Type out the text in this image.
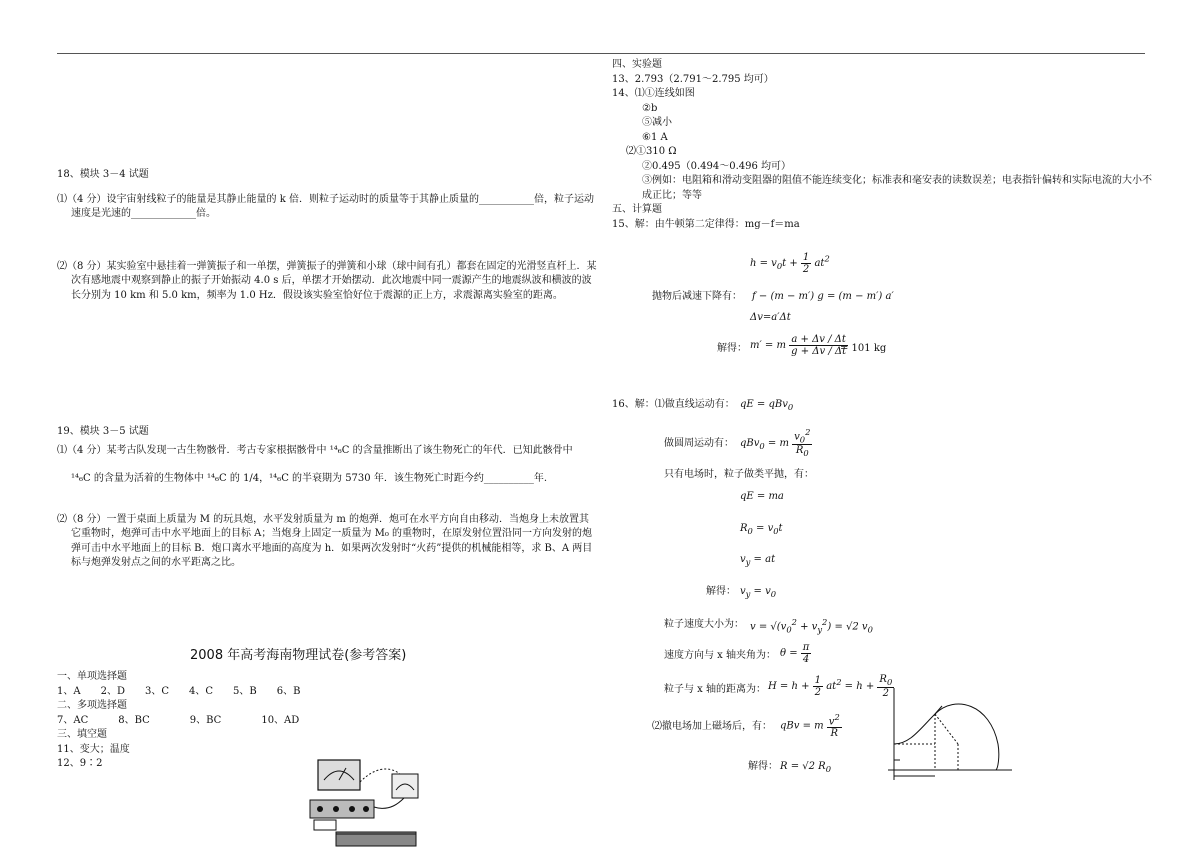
18、模块 3－4 试题

⑴（4 分）设宇宙射线粒子的能量是其静止能量的 k 倍．则粒子运动时的质量等于其静止质量的___________倍，粒子运动速度是光速的_____________倍。

⑵（8 分）某实验室中悬挂着一弹簧振子和一单摆，弹簧振子的弹簧和小球（球中间有孔）都套在固定的光滑竖直杆上．某次有感地震中观察到静止的振子开始振动 4.0 s 后，单摆才开始摆动．此次地震中同一震源产生的地震纵波和横波的波长分别为 10 km 和 5.0 km，频率为 1.0 Hz．假设该实验室恰好位于震源的正上方，求震源离实验室的距离。

19、模块 3－5 试题

⑴（4 分）某考古队发现一古生物骸骨．考古专家根据骸骨中 ¹⁴₆C 的含量推断出了该生物死亡的年代．已知此骸骨中

¹⁴₆C 的含量为活着的生物体中 ¹⁴₆C 的 1/4，¹⁴₆C 的半衰期为 5730 年．该生物死亡时距今约__________年.

⑵（8 分）一置于桌面上质量为 M 的玩具炮，水平发射质量为 m 的炮弹．炮可在水平方向自由移动．当炮身上未放置其它重物时，炮弹可击中水平地面上的目标 A；当炮身上固定一质量为 M₀ 的重物时，在原发射位置沿同一方向发射的炮弹可击中水平地面上的目标 B．炮口离水平地面的高度为 h．如果两次发射时“火药”提供的机械能相等，求 B、A 两目标与炮弹发射点之间的水平距离之比。

2008 年高考海南物理试卷(参考答案)

一、单项选择题

1、A　　2、D　　3、C　　4、C　　5、B　　6、B

二、多项选择题

7、AC　　　8、BC　　　　9、BC　　　　10、AD

三、填空题

11、变大；温度

12、9∶2

四、实验题

13、2.793（2.791～2.795 均可）

14、⑴①连线如图

②b

⑤减小

⑥1 A

⑵①310 Ω

②0.495（0.494～0.496 均可）

③例如：电阻箱和滑动变阻器的阻值不能连续变化；标准表和毫安表的读数误差；电表指针偏转和实际电流的大小不成正比；等等

五、计算题

15、解：由牛顿第二定律得：mg－f＝ma

$h = v_0t + \frac{1}{2} at^2$
抛物后减速下降有： f − (m − m′) g = (m − m′) a′
Δv=a′Δt
解得： m′ = m $\frac{a + \Delta v / \Delta t}{g + \Delta v / \Delta t}$
= 101 kg
16、解：⑴做直线运动有： qE = qBv$_0$
做圆周运动有： qBv$_0$ = m $\frac{v_0^2}{R_0}$
只有电场时，粒子做类平抛，有：
qE = ma
$R_0 = v_0t$
$v_y$ = at
解得： $v_y = v_0$
粒子速度大小为： $v = √(v_0^2 + v_y^2) = √2$ $v_0$
速度方向与 x 轴夹角为： $\theta = \frac{\pi}{4}$
粒子与 x 轴的距离为： $H = h + \frac{1}{2} at^2 = h + \frac{R_0}{2}$
⑵撤电场加上磁场后，有： qBv = m $\frac{v^2}{R}$
解得： R = √2 $R_0$
